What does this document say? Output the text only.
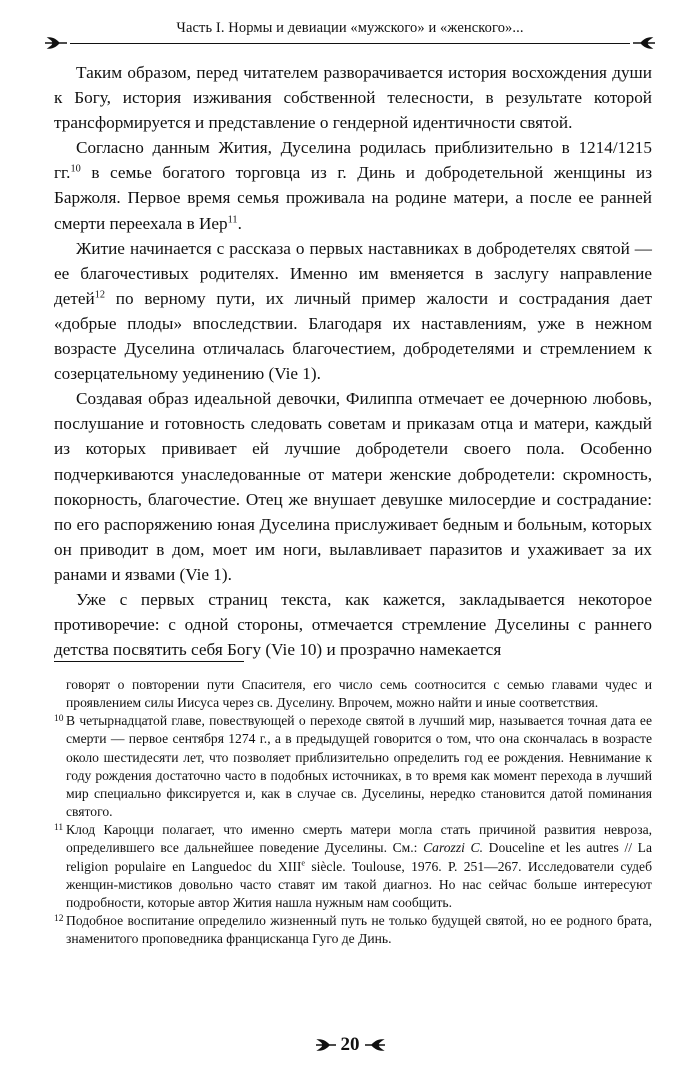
Часть I. Нормы и девиации «мужского» и «женского»...

Таким образом, перед читателем разворачивается история восхождения души к Богу, история изживания собственной телесности, в результате которой трансформируется и представление о гендерной идентичности святой.

Согласно данным Жития, Дуселина родилась приблизительно в 1214/1215 гг.$^{10}$ в семье богатого торговца из г. Динь и добродетельной женщины из Баржоля. Первое время семья проживала на родине матери, а после ее ранней смерти переехала в Иер$^{11}$.

Житие начинается с рассказа о первых наставниках в добродетелях святой — ее благочестивых родителях. Именно им вменяется в заслугу направление детей$^{12}$ по верному пути, их личный пример жалости и сострадания дает «добрые плоды» впоследствии. Благодаря их наставлениям, уже в нежном возрасте Дуселина отличалась благочестием, добродетелями и стремлением к созерцательному уединению (Vie 1).

Создавая образ идеальной девочки, Филиппа отмечает ее дочернюю любовь, послушание и готовность следовать советам и приказам отца и матери, каждый из которых прививает ей лучшие добродетели своего пола. Особенно подчеркиваются унаследованные от матери женские добродетели: скромность, покорность, благочестие. Отец же внушает девушке милосердие и сострадание: по его распоряжению юная Дуселина прислуживает бедным и больным, которых он приводит в дом, моет им ноги, вылавливает паразитов и ухаживает за их ранами и язвами (Vie 1).

Уже с первых страниц текста, как кажется, закладывается некоторое противоречие: с одной стороны, отмечается стремление Дуселины с раннего детства посвятить себя Богу (Vie 10) и прозрачно намекается

говорят о повторении пути Спасителя, его число семь соотносится с семью главами чудес и проявлением силы Иисуса через св. Дуселину. Впрочем, можно найти и иные соответствия.

10 В четырнадцатой главе, повествующей о переходе святой в лучший мир, называется точная дата ее смерти — первое сентября 1274 г., а в предыдущей говорится о том, что она скончалась в возрасте около шестидесяти лет, что позволяет приблизительно определить год ее рождения. Невнимание к году рождения достаточно часто в подобных источниках, в то время как момент перехода в лучший мир специально фиксируется и, как в случае св. Дуселины, нередко становится датой поминания святого.

11 Клод Кароцци полагает, что именно смерть матери могла стать причиной развития невроза, определившего все дальнейшее поведение Дуселины. См.: Carozzi C. Douceline et les autres // La religion populaire en Languedoc du XIIIe siècle. Toulouse, 1976. P. 251—267. Исследователи судеб женщин-мистиков довольно часто ставят им такой диагноз. Но нас сейчас больше интересуют подробности, которые автор Жития нашла нужным нам сообщить.

12 Подобное воспитание определило жизненный путь не только будущей святой, но ее родного брата, знаменитого проповедника францисканца Гуго де Динь.

20
